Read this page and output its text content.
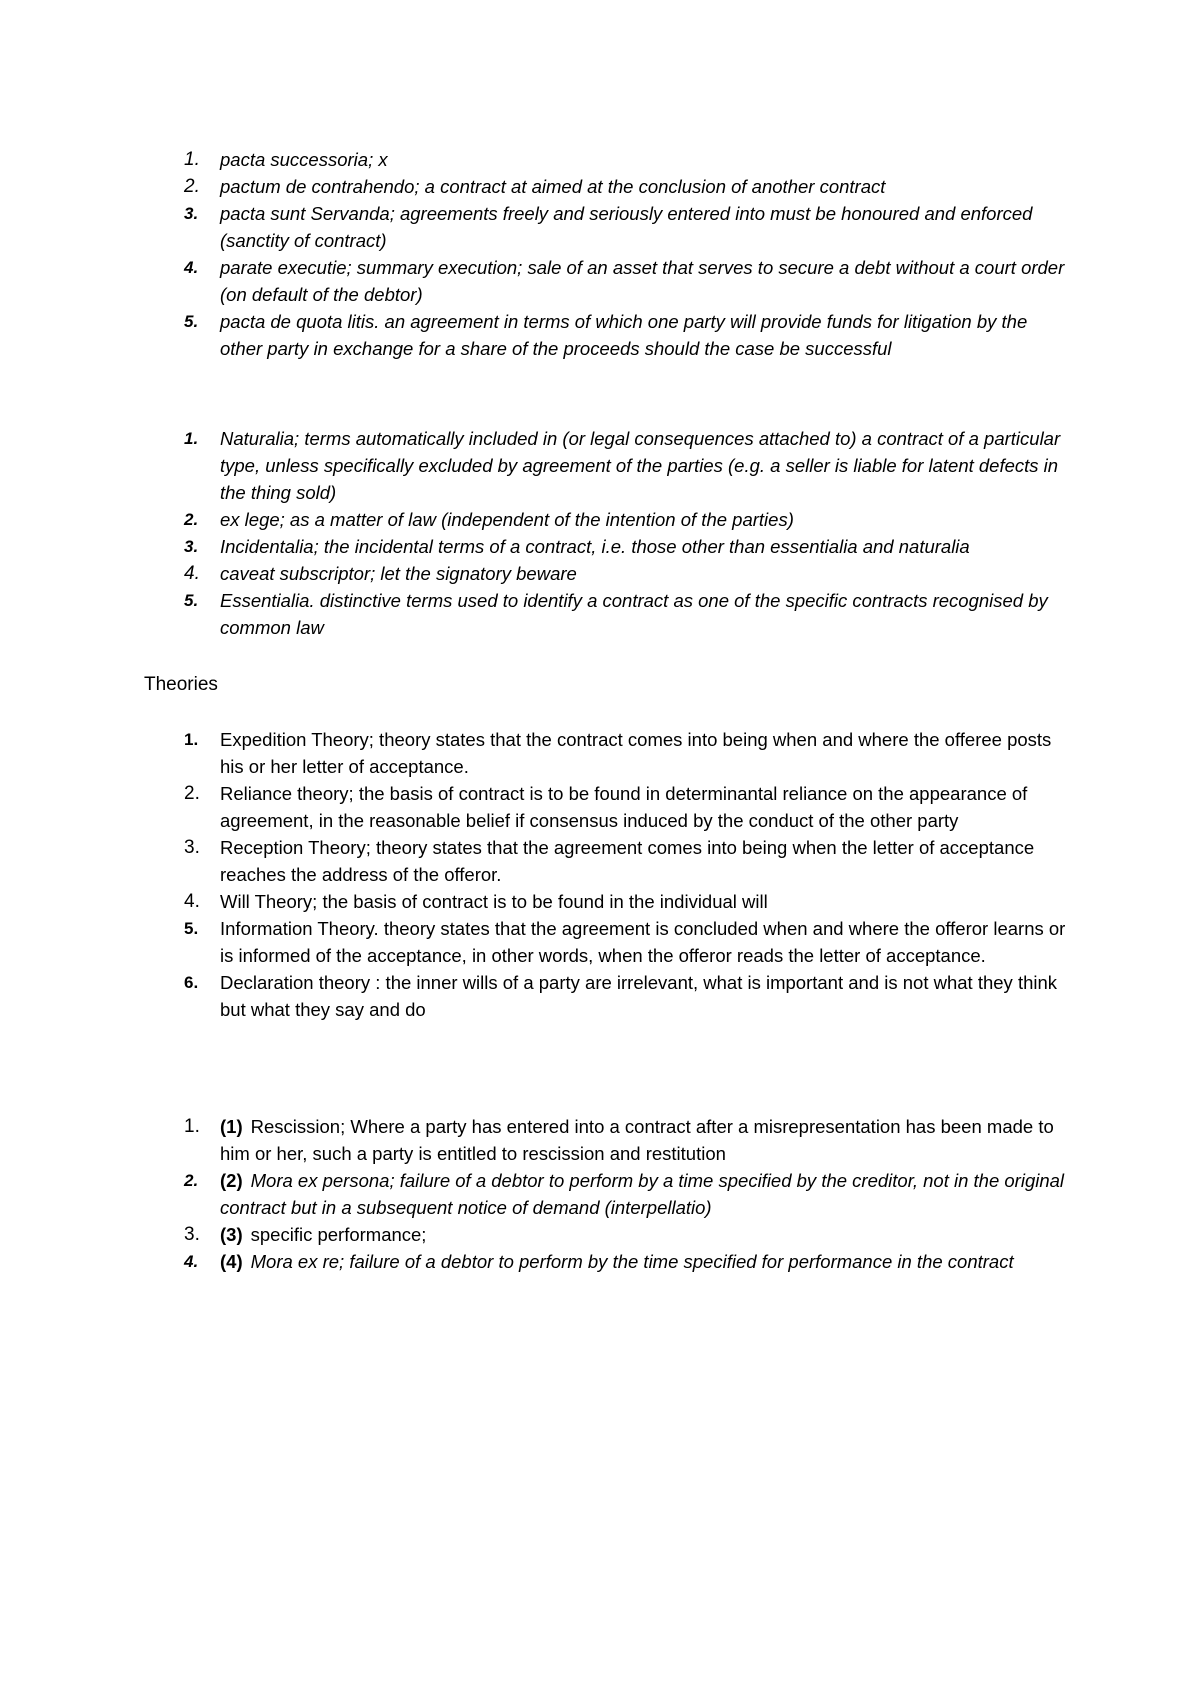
1. pacta successoria; x
2. pactum de contrahendo; a contract at aimed at the conclusion of another contract
3. pacta sunt Servanda; agreements freely and seriously entered into must be honoured and enforced (sanctity of contract)
4. parate executie; summary execution; sale of an asset that serves to secure a debt without a court order (on default of the debtor)
5. pacta de quota litis. an agreement in terms of which one party will provide funds for litigation by the other party in exchange for a share of the proceeds should the case be successful
1. Naturalia; terms automatically included in (or legal consequences attached to) a contract of a particular type, unless specifically excluded by agreement of the parties (e.g. a seller is liable for latent defects in the thing sold)
2. ex lege; as a matter of law (independent of the intention of the parties)
3. Incidentalia; the incidental terms of a contract, i.e. those other than essentialia and naturalia
4. caveat subscriptor; let the signatory beware
5. Essentialia. distinctive terms used to identify a contract as one of the specific contracts recognised by common law
Theories
1. Expedition Theory; theory states that the contract comes into being when and where the offeree posts his or her letter of acceptance.
2. Reliance theory; the basis of contract is to be found in determinantal reliance on the appearance of agreement, in the reasonable belief if consensus induced by the conduct of the other party
3. Reception Theory; theory states that the agreement comes into being when the letter of acceptance reaches the address of the offeror.
4. Will Theory; the basis of contract is to be found in the individual will
5. Information Theory. theory states that the agreement is concluded when and where the offeror learns or is informed of the acceptance, in other words, when the offeror reads the letter of acceptance.
6. Declaration theory : the inner wills of a party are irrelevant, what is important and is not what they think but what they say and do
1. (1) Rescission; Where a party has entered into a contract after a misrepresentation has been made to him or her, such a party is entitled to rescission and restitution
2. (2) Mora ex persona; failure of a debtor to perform by a time specified by the creditor, not in the original contract but in a subsequent notice of demand (interpellatio)
3. (3) specific performance;
4. (4) Mora ex re; failure of a debtor to perform by the time specified for performance in the contract
